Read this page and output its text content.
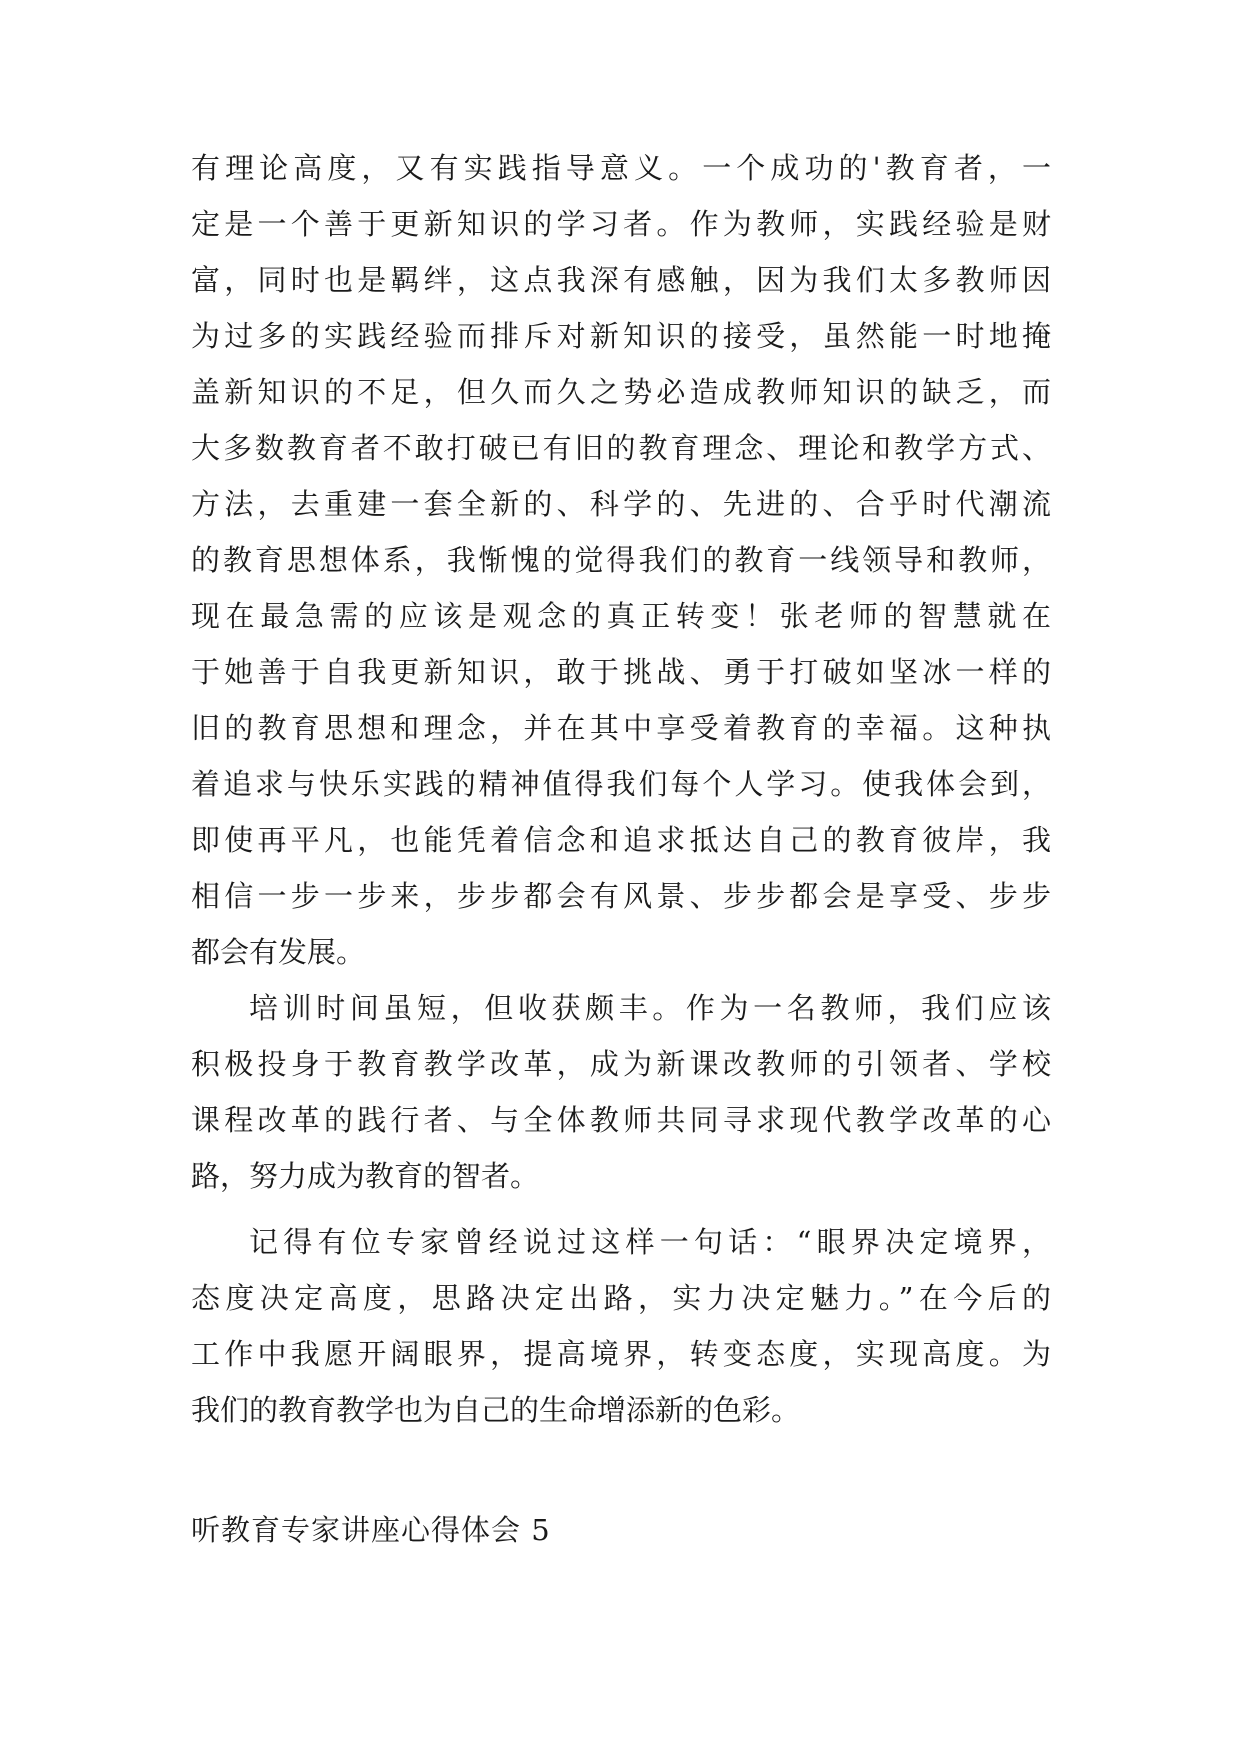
有理论高度，又有实践指导意义。一个成功的'教育者，一

定是一个善于更新知识的学习者。作为教师，实践经验是财

富，同时也是羁绊，这点我深有感触，因为我们太多教师因

为过多的实践经验而排斥对新知识的接受，虽然能一时地掩

盖新知识的不足，但久而久之势必造成教师知识的缺乏，而

大多数教育者不敢打破已有旧的教育理念、理论和教学方式、

方法，去重建一套全新的、科学的、先进的、合乎时代潮流

的教育思想体系，我惭愧的觉得我们的教育一线领导和教师，

现在最急需的应该是观念的真正转变！张老师的智慧就在

于她善于自我更新知识，敢于挑战、勇于打破如坚冰一样的

旧的教育思想和理念，并在其中享受着教育的幸福。这种执

着追求与快乐实践的精神值得我们每个人学习。使我体会到，

即使再平凡，也能凭着信念和追求抵达自己的教育彼岸，我

相信一步一步来，步步都会有风景、步步都会是享受、步步

都会有发展。

培训时间虽短，但收获颇丰。作为一名教师，我们应该

积极投身于教育教学改革，成为新课改教师的引领者、学校

课程改革的践行者、与全体教师共同寻求现代教学改革的心

路，努力成为教育的智者。

记得有位专家曾经说过这样一句话：“眼界决定境界，

态度决定高度，思路决定出路，实力决定魅力。”在今后的

工作中我愿开阔眼界，提高境界，转变态度，实现高度。为

我们的教育教学也为自己的生命增添新的色彩。

听教育专家讲座心得体会 5
